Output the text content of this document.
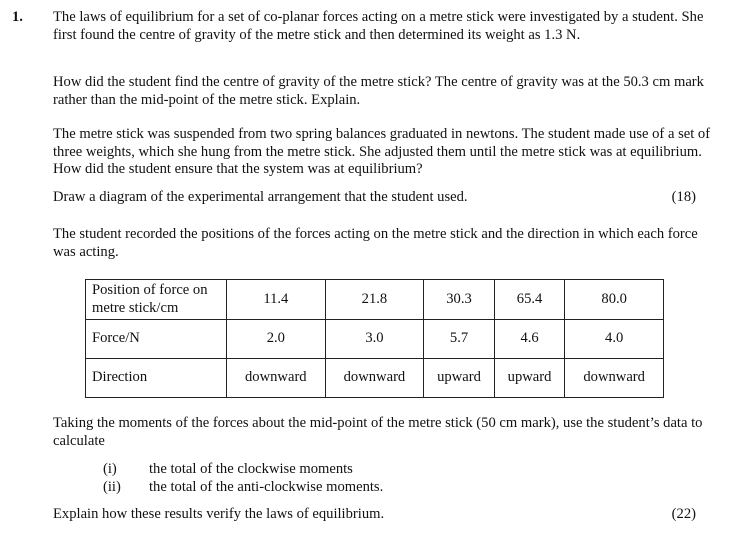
1. The laws of equilibrium for a set of co-planar forces acting on a metre stick were investigated by a student. She first found the centre of gravity of the metre stick and then determined its weight as 1.3 N.
How did the student find the centre of gravity of the metre stick? The centre of gravity was at the 50.3 cm mark rather than the mid-point of the metre stick. Explain.
The metre stick was suspended from two spring balances graduated in newtons. The student made use of a set of three weights, which she hung from the metre stick. She adjusted them until the metre stick was at equilibrium. How did the student ensure that the system was at equilibrium?
Draw a diagram of the experimental arrangement that the student used.	(18)
The student recorded the positions of the forces acting on the metre stick and the direction in which each force was acting.
Position of force on metre stick/cm	11.4	21.8	30.3	65.4	80.0
Force/N	2.0	3.0	5.7	4.6	4.0
Direction	downward	downward	upward	upward	downward
Taking the moments of the forces about the mid-point of the metre stick (50 cm mark), use the student’s data to calculate
(i) the total of the clockwise moments
(ii) the total of the anti-clockwise moments.
Explain how these results verify the laws of equilibrium.	(22)
